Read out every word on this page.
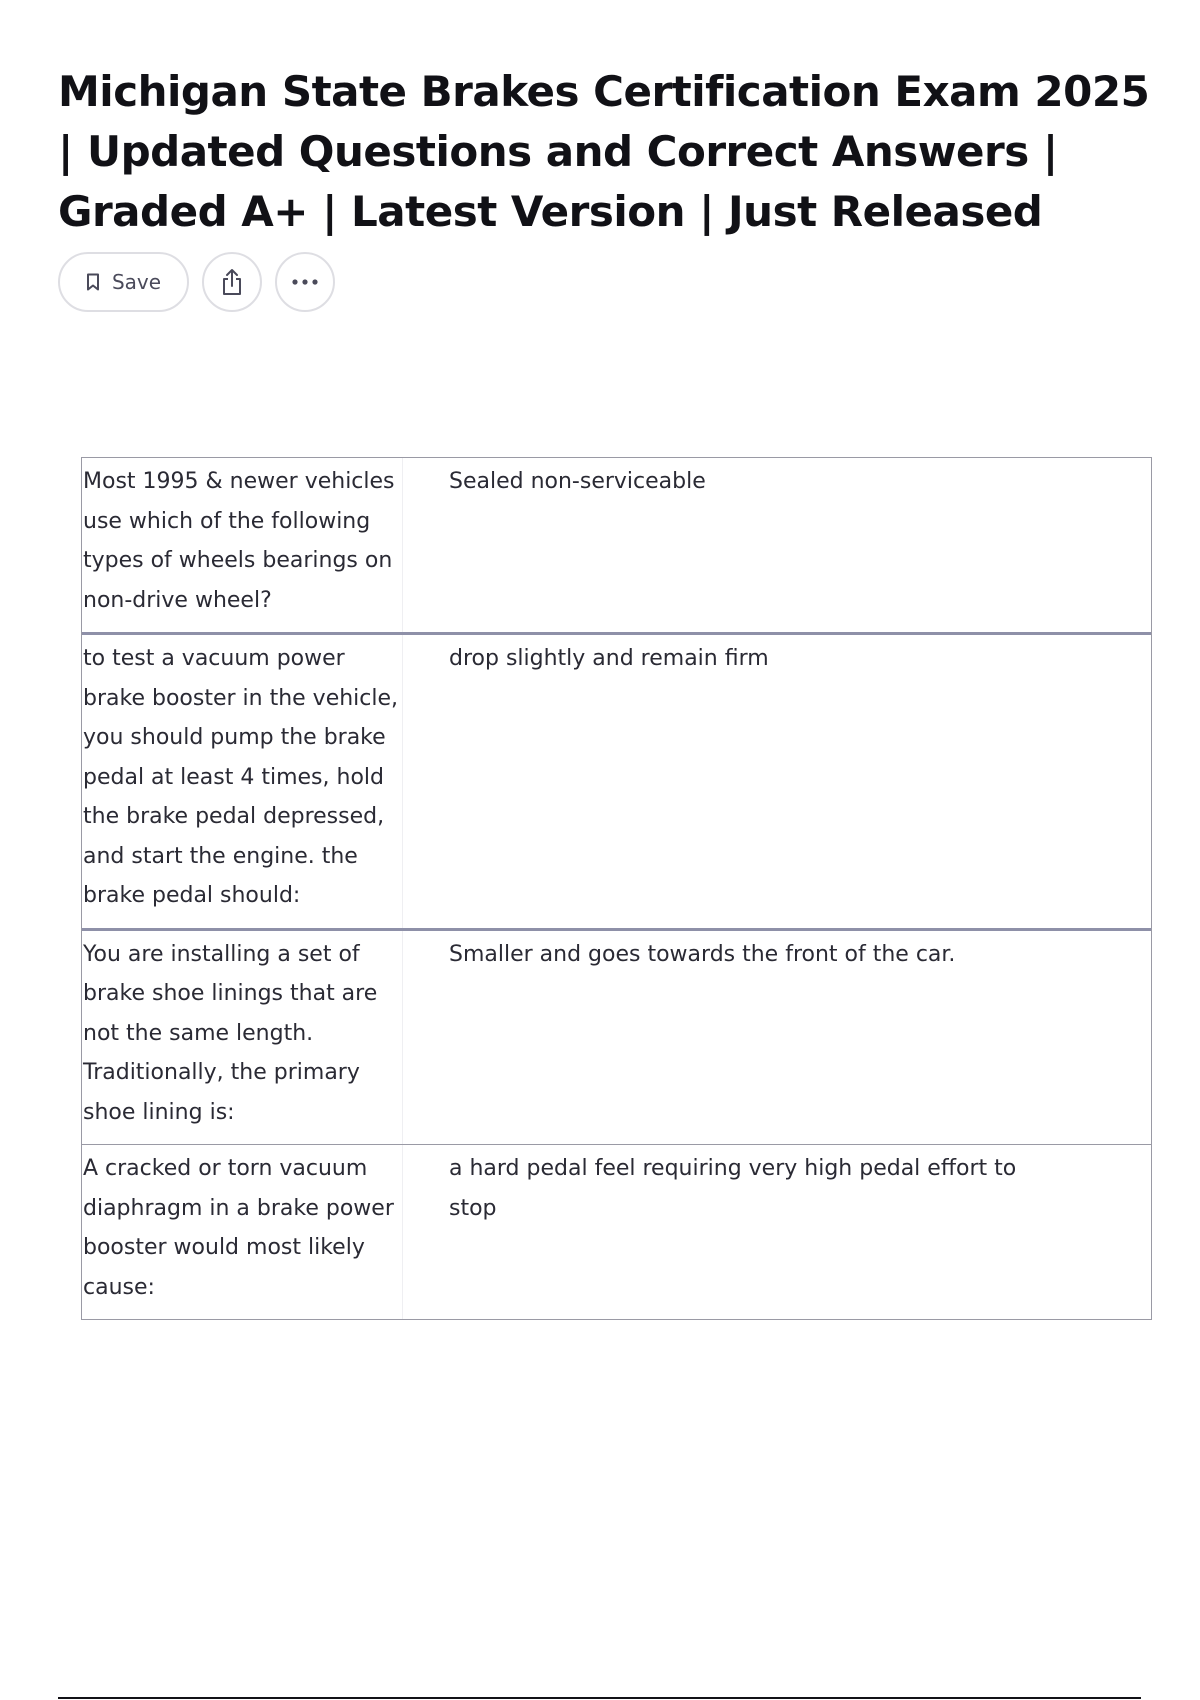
Michigan State Brakes Certification Exam 2025 | Updated Questions and Correct Answers | Graded A+ | Latest Version | Just Released
Save
Most 1995 & newer vehicles use which of the following types of wheels bearings on non-drive wheel?
Sealed non-serviceable
to test a vacuum power brake booster in the vehicle, you should pump the brake pedal at least 4 times, hold the brake pedal depressed, and start the engine. the brake pedal should:
drop slightly and remain firm
You are installing a set of brake shoe linings that are not the same length. Traditionally, the primary shoe lining is:
Smaller and goes towards the front of the car.
A cracked or torn vacuum diaphragm in a brake power booster would most likely cause:
a hard pedal feel requiring very high pedal effort to stop
